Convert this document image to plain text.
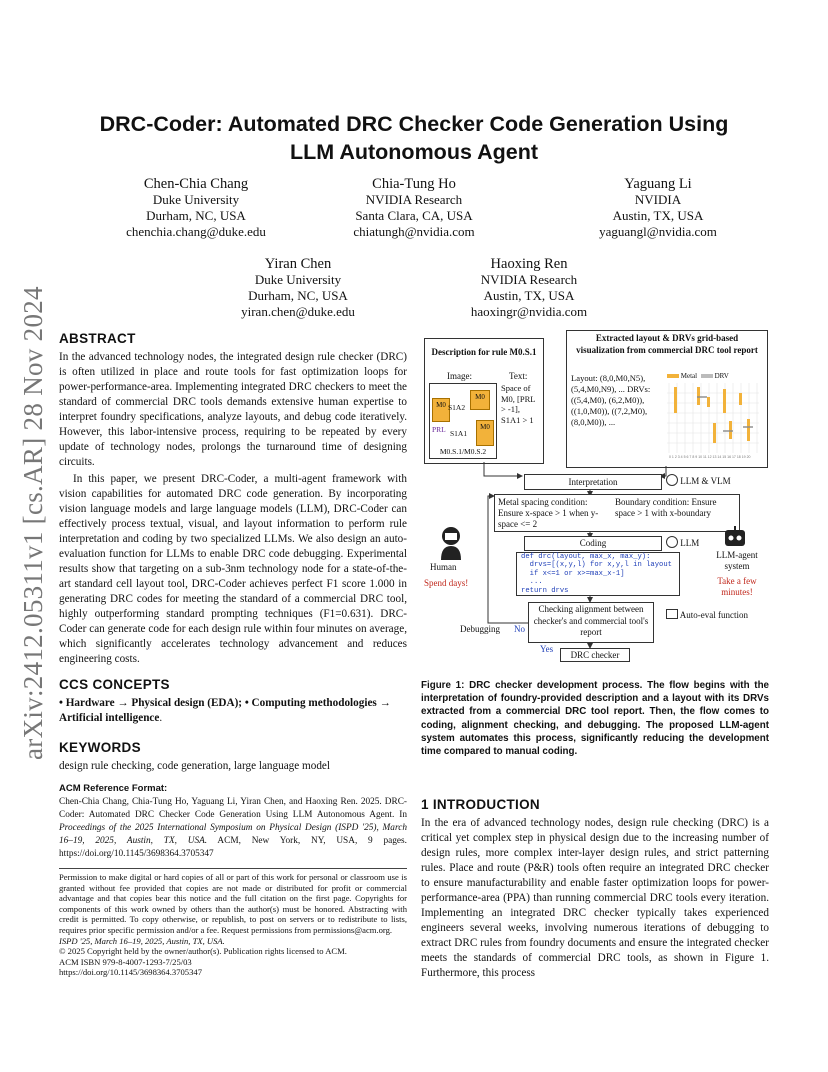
arXiv:2412.05311v1 [cs.AR] 28 Nov 2024
DRC-Coder: Automated DRC Checker Code Generation Using LLM Autonomous Agent
Chen-Chia Chang
Duke University
Durham, NC, USA
chenchia.chang@duke.edu
Chia-Tung Ho
NVIDIA Research
Santa Clara, CA, USA
chiatungh@nvidia.com
Yaguang Li
NVIDIA
Austin, TX, USA
yaguangl@nvidia.com
Yiran Chen
Duke University
Durham, NC, USA
yiran.chen@duke.edu
Haoxing Ren
NVIDIA Research
Austin, TX, USA
haoxingr@nvidia.com
ABSTRACT

In the advanced technology nodes, the integrated design rule checker (DRC) is often utilized in place and route tools for fast optimization loops for power-performance-area. Implementing integrated DRC checkers to meet the standard of commercial DRC tools demands extensive human expertise to interpret foundry specifications, analyze layouts, and debug code iteratively. However, this labor-intensive process, requiring to be repeated by every update of technology nodes, prolongs the turnaround time of designing circuits.

In this paper, we present DRC-Coder, a multi-agent framework with vision capabilities for automated DRC code generation. By incorporating vision language models and large language models (LLM), DRC-Coder can effectively process textual, visual, and layout information to perform rule interpretation and coding by two specialized LLMs. We also design an auto-evaluation function for LLMs to enable DRC code debugging. Experimental results show that targeting on a sub-3nm technology node for a state-of-the-art standard cell layout tool, DRC-Coder achieves perfect F1 score 1.000 in generating DRC codes for meeting the standard of a commercial DRC tool, highly outperforming standard prompting techniques (F1=0.631). DRC-Coder can generate code for each design rule within four minutes on average, which significantly accelerates technology advancement and reduces engineering costs.

CCS CONCEPTS
• Hardware → Physical design (EDA); • Computing methodologies → Artificial intelligence.
KEYWORDS
design rule checking, code generation, large language model
ACM Reference Format:
Chen-Chia Chang, Chia-Tung Ho, Yaguang Li, Yiran Chen, and Haoxing Ren. 2025. DRC-Coder: Automated DRC Checker Code Generation Using LLM Autonomous Agent. In Proceedings of the 2025 International Symposium on Physical Design (ISPD '25), March 16–19, 2025, Austin, TX, USA. ACM, New York, NY, USA, 9 pages. https://doi.org/10.1145/3698364.3705347
Permission to make digital or hard copies of all or part of this work for personal or classroom use is granted without fee provided that copies are not made or distributed for profit or commercial advantage and that copies bear this notice and the full citation on the first page. Copyrights for components of this work owned by others than the author(s) must be honored. Abstracting with credit is permitted. To copy otherwise, or republish, to post on servers or to redistribute to lists, requires prior specific permission and/or a fee. Request permissions from permissions@acm.org.
ISPD '25, March 16–19, 2025, Austin, TX, USA.
© 2025 Copyright held by the owner/author(s). Publication rights licensed to ACM.
ACM ISBN 979-8-4007-1293-7/25/03
https://doi.org/10.1145/3698364.3705347
Description for rule M0.S.1
Image:	Text:
M0
M0
M0
S1A2
PRL S1A1
M0.S.1/M0.S.2
Space of M0, [PRL > -1], S1A1 > 1
Extracted layout & DRVs grid-based visualization from commercial DRC tool report
Layout: (8,0,M0,N5), (5,4,M0,N9), ... DRVs: ((5,4,M0), (6,2,M0)), ((1,0,M0)), ((7,2,M0), (8,0,M0)), ...
Metal	DRV
0 1 2 3 4 5 6 7 8 9 10 11 12 13 14 15 16 17 18 19 20
Interpretation	LLM & VLM
Metal spacing condition: Ensure x-space > 1 when y-space <= 2
Boundary condition: Ensure space > 1 with x-boundary
Coding	LLM
def drc(layout, max_x, max_y):
drvs=[(x,y,l) for x,y,l in layout
if x<=1 or x>=max_x-1]
...
return drvs
Human
Spend days!
LLM-agent system
Take a few minutes!
Checking alignment between checker's and commercial tool's report
Auto-eval function
Debugging No
Yes
DRC checker
Figure 1: DRC checker development process. The flow begins with the interpretation of foundry-provided description and a layout with its DRVs extracted from a commercial DRC tool report. Then, the flow comes to coding, alignment checking, and debugging. The proposed LLM-agent system automates this process, significantly reducing the development time compared to manual coding.
1 INTRODUCTION
In the era of advanced technology nodes, design rule checking (DRC) is a critical yet complex step in physical design due to the increasing number of design rules, more complex inter-layer design rules, and strict patterning rules. Place and route (P&R) tools often require an integrated DRC checker to ensure manufacturability and enable faster optimization loops for power-performance-area (PPA) than running commercial DRC tools every iteration. Implementing an integrated DRC checker typically takes experienced engineers several weeks, involving numerous iterations of debugging to extract DRC rules from foundry documents and ensure the integrated checker meets the standards of commercial DRC tools, as shown in Figure 1. Furthermore, this process
